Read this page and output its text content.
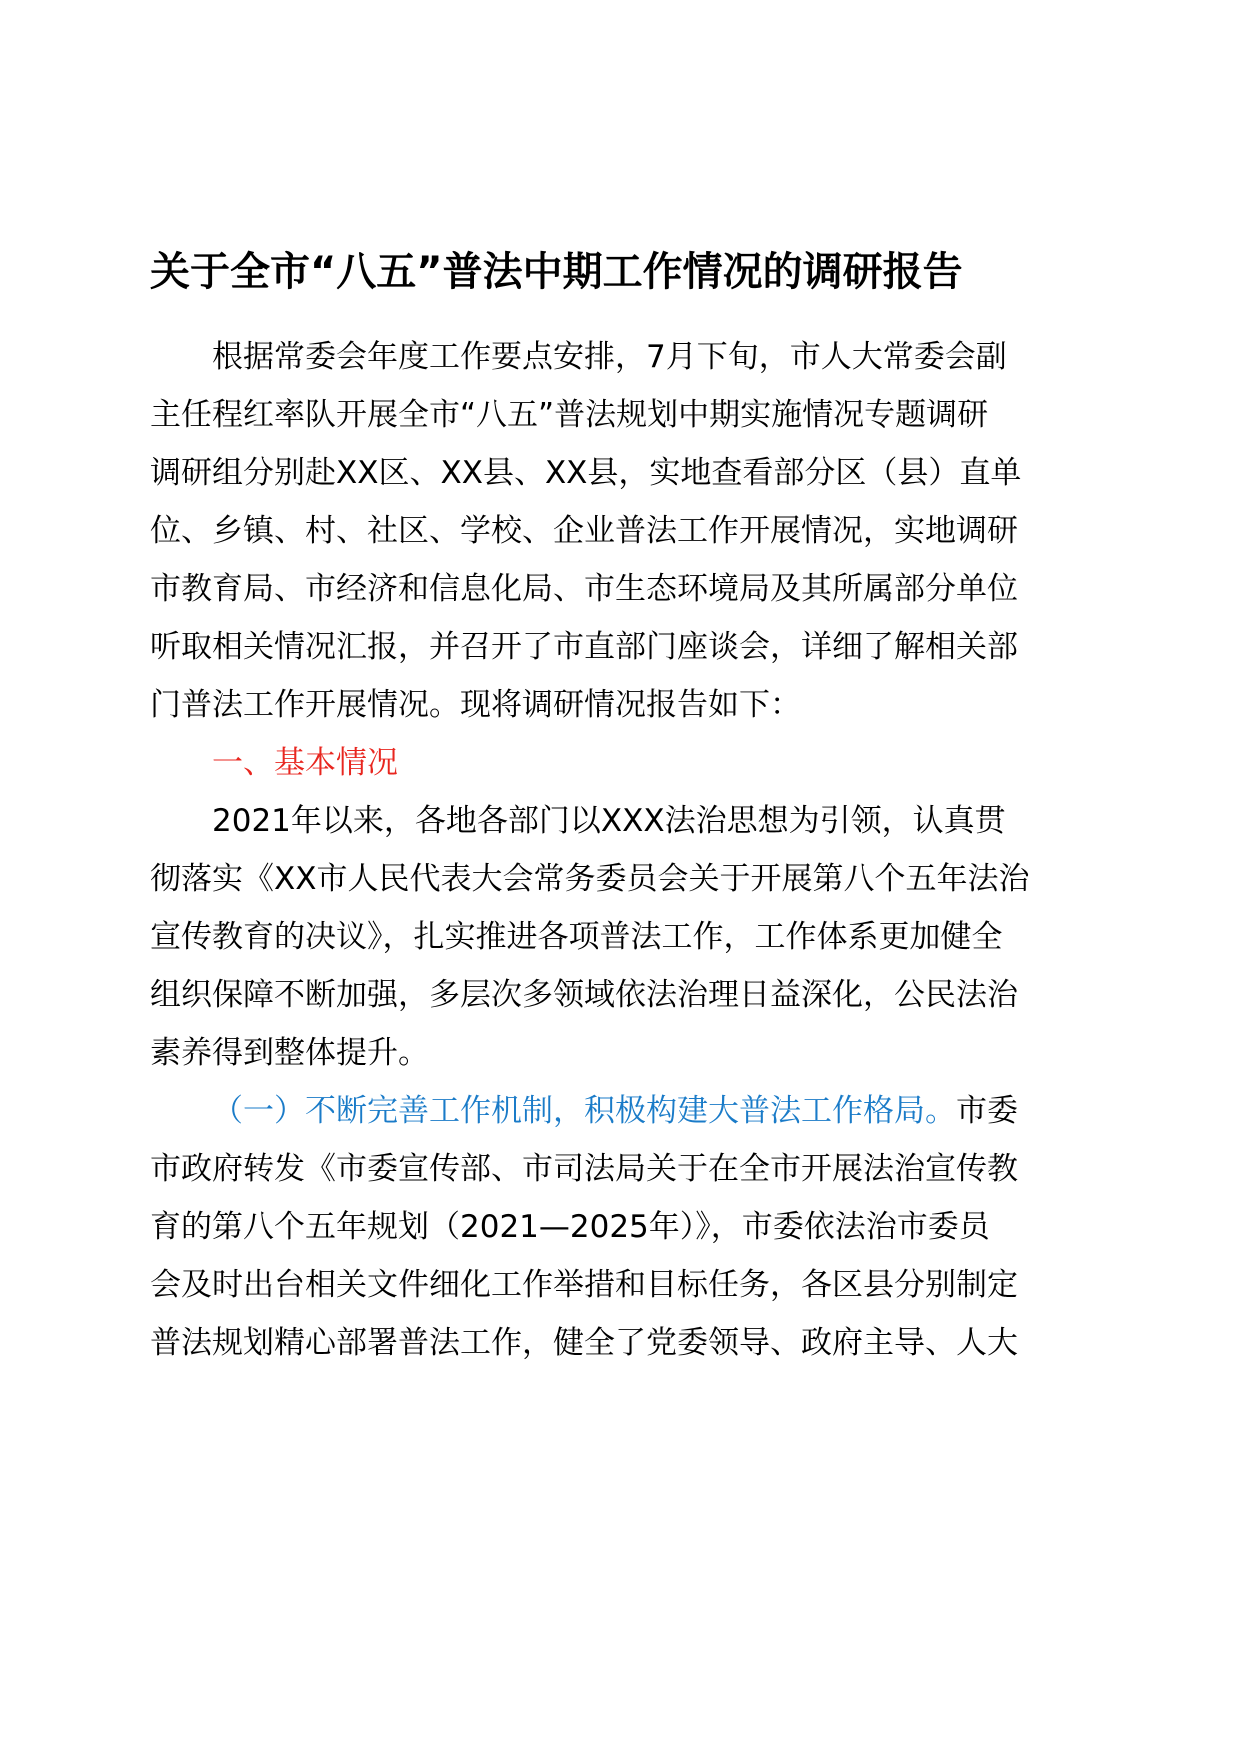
关于全市“八五”普法中期工作情况的调研报告
根据常委会年度工作要点安排，7月下旬，市人大常委会副
主任程红率队开展全市“八五”普法规划中期实施情况专题调研
调研组分别赴XX区、XX县、XX县，实地查看部分区（县）直单
位、乡镇、村、社区、学校、企业普法工作开展情况，实地调研
市教育局、市经济和信息化局、市生态环境局及其所属部分单位
听取相关情况汇报，并召开了市直部门座谈会，详细了解相关部
门普法工作开展情况。现将调研情况报告如下：
一、基本情况
2021年以来，各地各部门以XXX法治思想为引领，认真贯
彻落实《XX市人民代表大会常务委员会关于开展第八个五年法治
宣传教育的决议》，扎实推进各项普法工作，工作体系更加健全
组织保障不断加强，多层次多领域依法治理日益深化，公民法治
素养得到整体提升。
（一）不断完善工作机制，积极构建大普法工作格局。市委
市政府转发《市委宣传部、市司法局关于在全市开展法治宣传教
育的第八个五年规划（2021—2025年）》，市委依法治市委员
会及时出台相关文件细化工作举措和目标任务，各区县分别制定
普法规划精心部署普法工作，健全了党委领导、政府主导、人大
